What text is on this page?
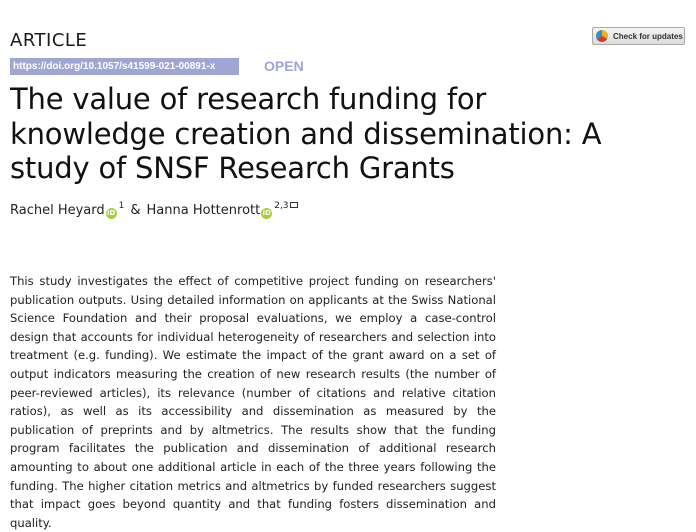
ARTICLE	Check for updates
https://doi.org/10.1057/s41599-021-00891-x	OPEN
The value of research funding for knowledge creation and dissemination: A study of SNSF Research Grants
Rachel Heyard $iD^1$ & Hanna Hottenrott iD$^{2,3}$

This study investigates the effect of competitive project funding on researchers' publication outputs. Using detailed information on applicants at the Swiss National Science Foundation and their proposal evaluations, we employ a case-control design that accounts for individual heterogeneity of researchers and selection into treatment (e.g. funding). We estimate the impact of the grant award on a set of output indicators measuring the creation of new research results (the number of peer-reviewed articles), its relevance (number of citations and relative citation ratios), as well as its accessibility and dissemination as measured by the publication of preprints and by altmetrics. The results show that the funding program facilitates the publication and dissemination of additional research amounting to about one additional article in each of the three years following the funding. The higher citation metrics and altmetrics by funded researchers suggest that impact goes beyond quantity and that funding fosters dissemination and quality.
